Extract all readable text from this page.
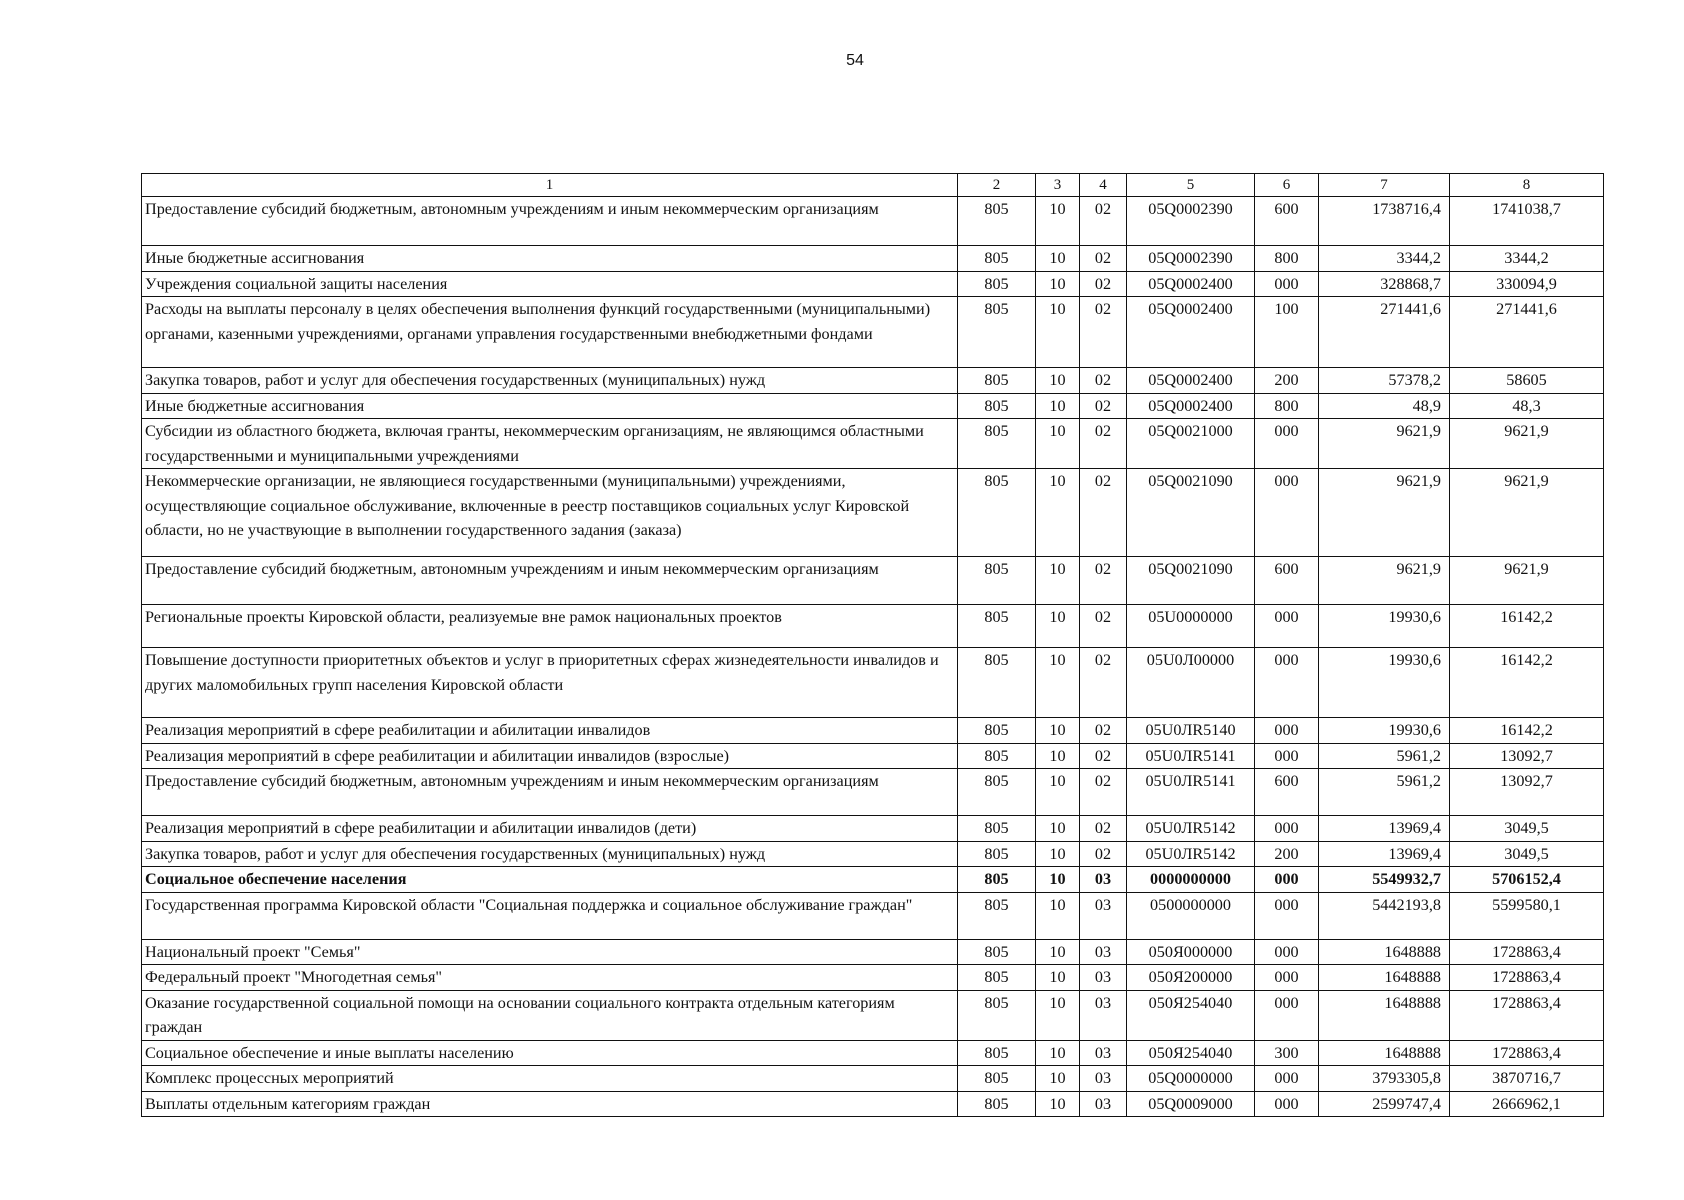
54
1	2	3	4	5	6	7	8
Предоставление субсидий бюджетным, автономным учреждениям и иным некоммерческим организациям	805	10	02	05Q0002390	600	1738716,4	1741038,7
Иные бюджетные ассигнования	805	10	02	05Q0002390	800	3344,2	3344,2
Учреждения социальной защиты населения	805	10	02	05Q0002400	000	328868,7	330094,9
Расходы на выплаты персоналу в целях обеспечения выполнения функций государственными (муниципальными) органами, казенными учреждениями, органами управления государственными внебюджетными фондами	805	10	02	05Q0002400	100	271441,6	271441,6
Закупка товаров, работ и услуг для обеспечения государственных (муниципальных) нужд	805	10	02	05Q0002400	200	57378,2	58605
Иные бюджетные ассигнования	805	10	02	05Q0002400	800	48,9	48,3
Субсидии из областного бюджета, включая гранты, некоммерческим организациям, не являющимся областными государственными и муниципальными учреждениями	805	10	02	05Q0021000	000	9621,9	9621,9
Некоммерческие организации, не являющиеся государственными (муниципальными) учреждениями, осуществляющие социальное обслуживание, включенные в реестр поставщиков социальных услуг Кировской области, но не участвующие в выполнении государственного задания (заказа)	805	10	02	05Q0021090	000	9621,9	9621,9
Предоставление субсидий бюджетным, автономным учреждениям и иным некоммерческим организациям	805	10	02	05Q0021090	600	9621,9	9621,9
Региональные проекты Кировской области, реализуемые вне рамок национальных проектов	805	10	02	05U0000000	000	19930,6	16142,2
Повышение доступности приоритетных объектов и услуг в приоритетных сферах жизнедеятельности инвалидов и других маломобильных групп населения Кировской области	805	10	02	05U0Л00000	000	19930,6	16142,2
Реализация мероприятий в сфере реабилитации и абилитации инвалидов	805	10	02	05U0ЛR5140	000	19930,6	16142,2
Реализация мероприятий в сфере реабилитации и абилитации инвалидов (взрослые)	805	10	02	05U0ЛR5141	000	5961,2	13092,7
Предоставление субсидий бюджетным, автономным учреждениям и иным некоммерческим организациям	805	10	02	05U0ЛR5141	600	5961,2	13092,7
Реализация мероприятий в сфере реабилитации и абилитации инвалидов (дети)	805	10	02	05U0ЛR5142	000	13969,4	3049,5
Закупка товаров, работ и услуг для обеспечения государственных (муниципальных) нужд	805	10	02	05U0ЛR5142	200	13969,4	3049,5
Социальное обеспечение населения	805	10	03	0000000000	000	5549932,7	5706152,4
Государственная программа Кировской области "Социальная поддержка и социальное обслуживание граждан"	805	10	03	0500000000	000	5442193,8	5599580,1
Национальный проект "Семья"	805	10	03	050Я000000	000	1648888	1728863,4
Федеральный проект "Многодетная семья"	805	10	03	050Я200000	000	1648888	1728863,4
Оказание государственной социальной помощи на основании социального контракта отдельным категориям граждан	805	10	03	050Я254040	000	1648888	1728863,4
Социальное обеспечение и иные выплаты населению	805	10	03	050Я254040	300	1648888	1728863,4
Комплекс процессных мероприятий	805	10	03	05Q0000000	000	3793305,8	3870716,7
Выплаты отдельным категориям граждан	805	10	03	05Q0009000	000	2599747,4	2666962,1
